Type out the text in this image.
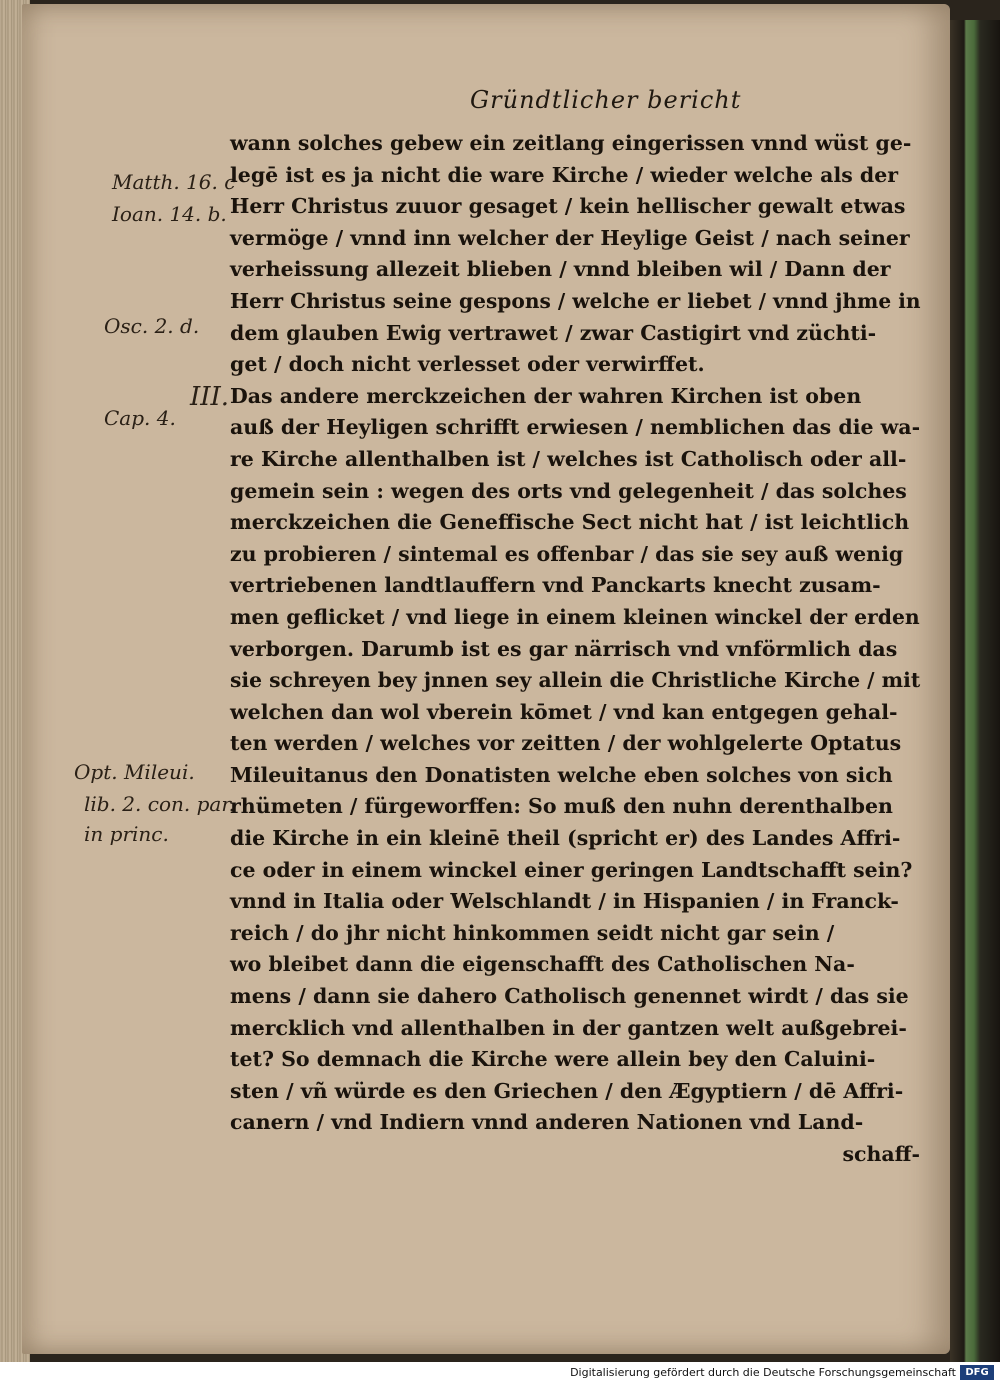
Gründtlicher bericht
Matth. 16. c
Ioan. 14. b.
Osc. 2. d.
III.
Cap. 4.
Opt. Mileui.
lib. 2. con. par.
in princ.
wann solches gebew ein zeitlang eingerissen vnnd wüst ge-
legē ist es ja nicht die ware Kirche / wieder welche als der
Herr Christus zuuor gesaget / kein hellischer gewalt etwas
vermöge / vnnd inn welcher der Heylige Geist / nach seiner
verheissung allezeit blieben / vnnd bleiben wil / Dann der
Herr Christus seine gespons / welche er liebet / vnnd jhme in
dem glauben Ewig vertrawet / zwar Castigirt vnd züchti-
get / doch nicht verlesset oder verwirffet.
Das andere merckzeichen der wahren Kirchen ist oben
auß der Heyligen schrifft erwiesen / nemblichen das die wa-
re Kirche allenthalben ist / welches ist Catholisch oder all-
gemein sein : wegen des orts vnd gelegenheit / das solches
merckzeichen die Geneffische Sect nicht hat / ist leichtlich
zu probieren / sintemal es offenbar / das sie sey auß wenig
vertriebenen landtlauffern vnd Panckarts knecht zusam-
men geflicket / vnd liege in einem kleinen winckel der erden
verborgen. Darumb ist es gar närrisch vnd vnförmlich das
sie schreyen bey jnnen sey allein die Christliche Kirche / mit
welchen dan wol vberein kōmet / vnd kan entgegen gehal-
ten werden / welches vor zeitten / der wohlgelerte Optatus
Mileuitanus den Donatisten welche eben solches von sich
rhümeten / fürgeworffen: So muß den nuhn derenthalben
die Kirche in ein kleinē theil (spricht er) des Landes Affri-
ce oder in einem winckel einer geringen Landtschafft sein?
vnnd in Italia oder Welschlandt / in Hispanien / in Franck-
reich / do jhr nicht hinkommen seidt nicht gar sein /
wo bleibet dann die eigenschafft des Catholischen Na-
mens / dann sie dahero Catholisch genennet wirdt / das sie
mercklich vnd allenthalben in der gantzen welt außgebrei-
tet? So demnach die Kirche were allein bey den Caluini-
sten / vñ würde es den Griechen / den Ægyptiern / dē Affri-
canern / vnd Indiern vnnd anderen Nationen vnd Land-
schaff-
Digitalisierung gefördert durch die Deutsche Forschungsgemeinschaft DFG
